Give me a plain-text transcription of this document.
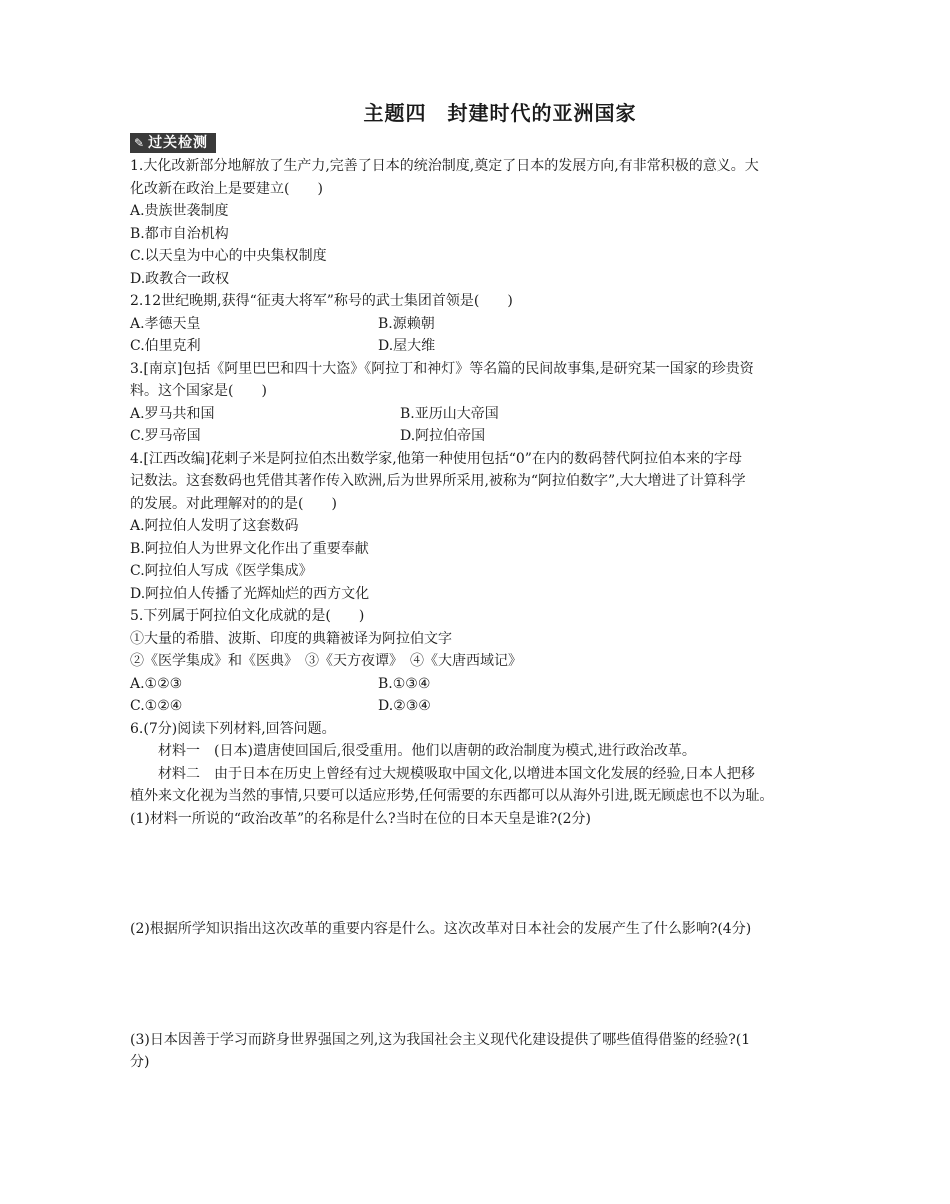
主题四　封建时代的亚洲国家
✎ 过关检测
1.大化改新部分地解放了生产力,完善了日本的统治制度,奠定了日本的发展方向,有非常积极的意义。大
化改新在政治上是要建立(　　)
A.贵族世袭制度
B.都市自治机构
C.以天皇为中心的中央集权制度
D.政教合一政权
2.12世纪晚期,获得“征夷大将军”称号的武士集团首领是(　　)
A.孝德天皇	B.源赖朝
C.伯里克利	D.屋大维
3.[南京]包括《阿里巴巴和四十大盗》《阿拉丁和神灯》等名篇的民间故事集,是研究某一国家的珍贵资
料。这个国家是(　　)
A.罗马共和国	B.亚历山大帝国
C.罗马帝国	D.阿拉伯帝国
4.[江西改编]花剌子米是阿拉伯杰出数学家,他第一种使用包括“0”在内的数码替代阿拉伯本来的字母
记数法。这套数码也凭借其著作传入欧洲,后为世界所采用,被称为“阿拉伯数字”,大大增进了计算科学
的发展。对此理解对的的是(　　)
A.阿拉伯人发明了这套数码
B.阿拉伯人为世界文化作出了重要奉献
C.阿拉伯人写成《医学集成》
D.阿拉伯人传播了光辉灿烂的西方文化
5.下列属于阿拉伯文化成就的是(　　)
①大量的希腊、波斯、印度的典籍被译为阿拉伯文字
②《医学集成》和《医典》　③《天方夜谭》　④《大唐西域记》
A.①②③	B.①③④
C.①②④	D.②③④
6.(7分)阅读下列材料,回答问题。
材料一　(日本)遣唐使回国后,很受重用。他们以唐朝的政治制度为模式,进行政治改革。
材料二　由于日本在历史上曾经有过大规模吸取中国文化,以增进本国文化发展的经验,日本人把移
植外来文化视为当然的事情,只要可以适应形势,任何需要的东西都可以从海外引进,既无顾虑也不以为耻。
(1)材料一所说的“政治改革”的名称是什么?当时在位的日本天皇是谁?(2分)
(2)根据所学知识指出这次改革的重要内容是什么。这次改革对日本社会的发展产生了什么影响?(4分)
(3)日本因善于学习而跻身世界强国之列,这为我国社会主义现代化建设提供了哪些值得借鉴的经验?(1
分)
